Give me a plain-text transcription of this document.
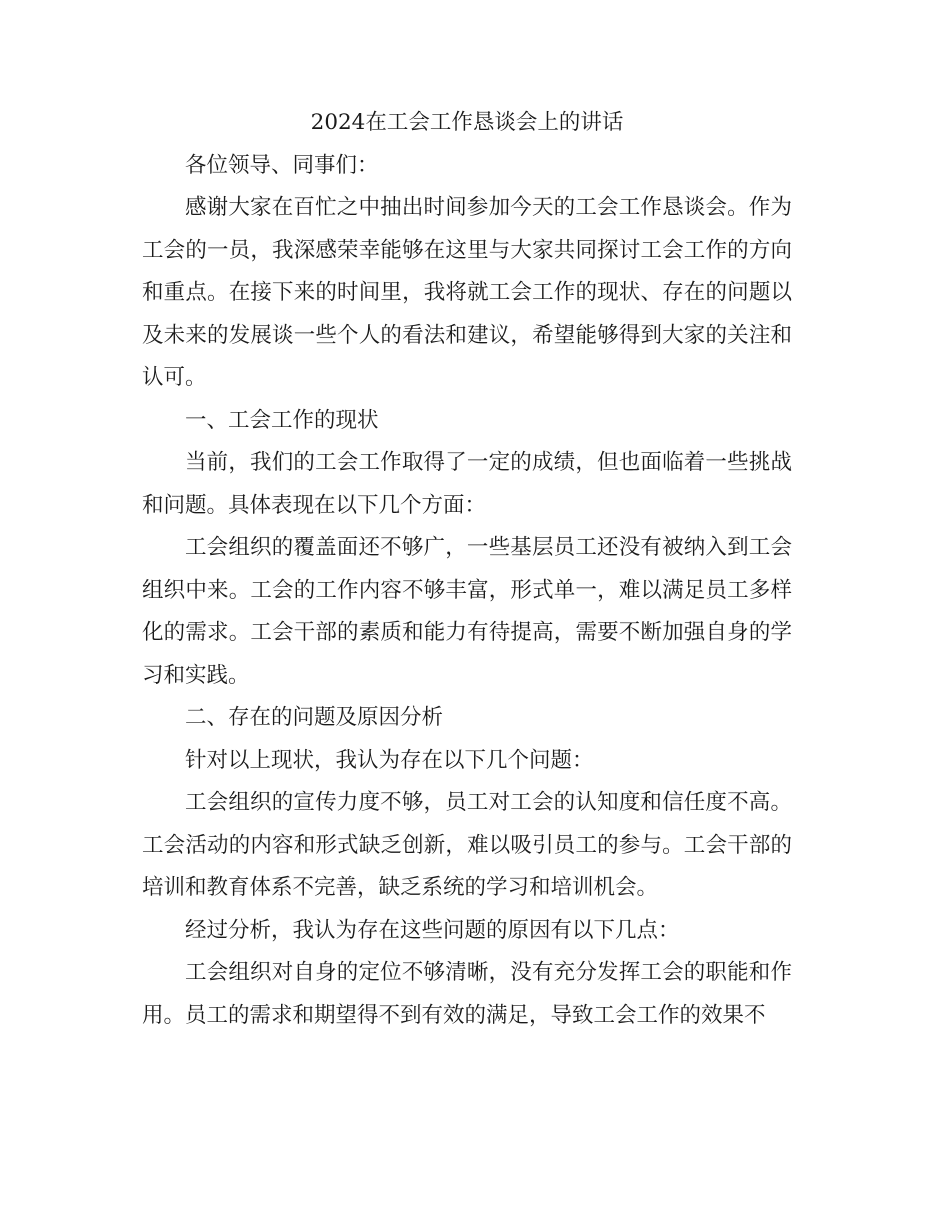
2024在工会工作恳谈会上的讲话

各位领导、同事们：

感谢大家在百忙之中抽出时间参加今天的工会工作恳谈会。作为工会的一员，我深感荣幸能够在这里与大家共同探讨工会工作的方向和重点。在接下来的时间里，我将就工会工作的现状、存在的问题以及未来的发展谈一些个人的看法和建议，希望能够得到大家的关注和认可。

一、工会工作的现状

当前，我们的工会工作取得了一定的成绩，但也面临着一些挑战和问题。具体表现在以下几个方面：

工会组织的覆盖面还不够广，一些基层员工还没有被纳入到工会组织中来。工会的工作内容不够丰富，形式单一，难以满足员工多样化的需求。工会干部的素质和能力有待提高，需要不断加强自身的学习和实践。

二、存在的问题及原因分析

针对以上现状，我认为存在以下几个问题：

工会组织的宣传力度不够，员工对工会的认知度和信任度不高。工会活动的内容和形式缺乏创新，难以吸引员工的参与。工会干部的培训和教育体系不完善，缺乏系统的学习和培训机会。

经过分析，我认为存在这些问题的原因有以下几点：

工会组织对自身的定位不够清晰，没有充分发挥工会的职能和作用。员工的需求和期望得不到有效的满足，导致工会工作的效果不
